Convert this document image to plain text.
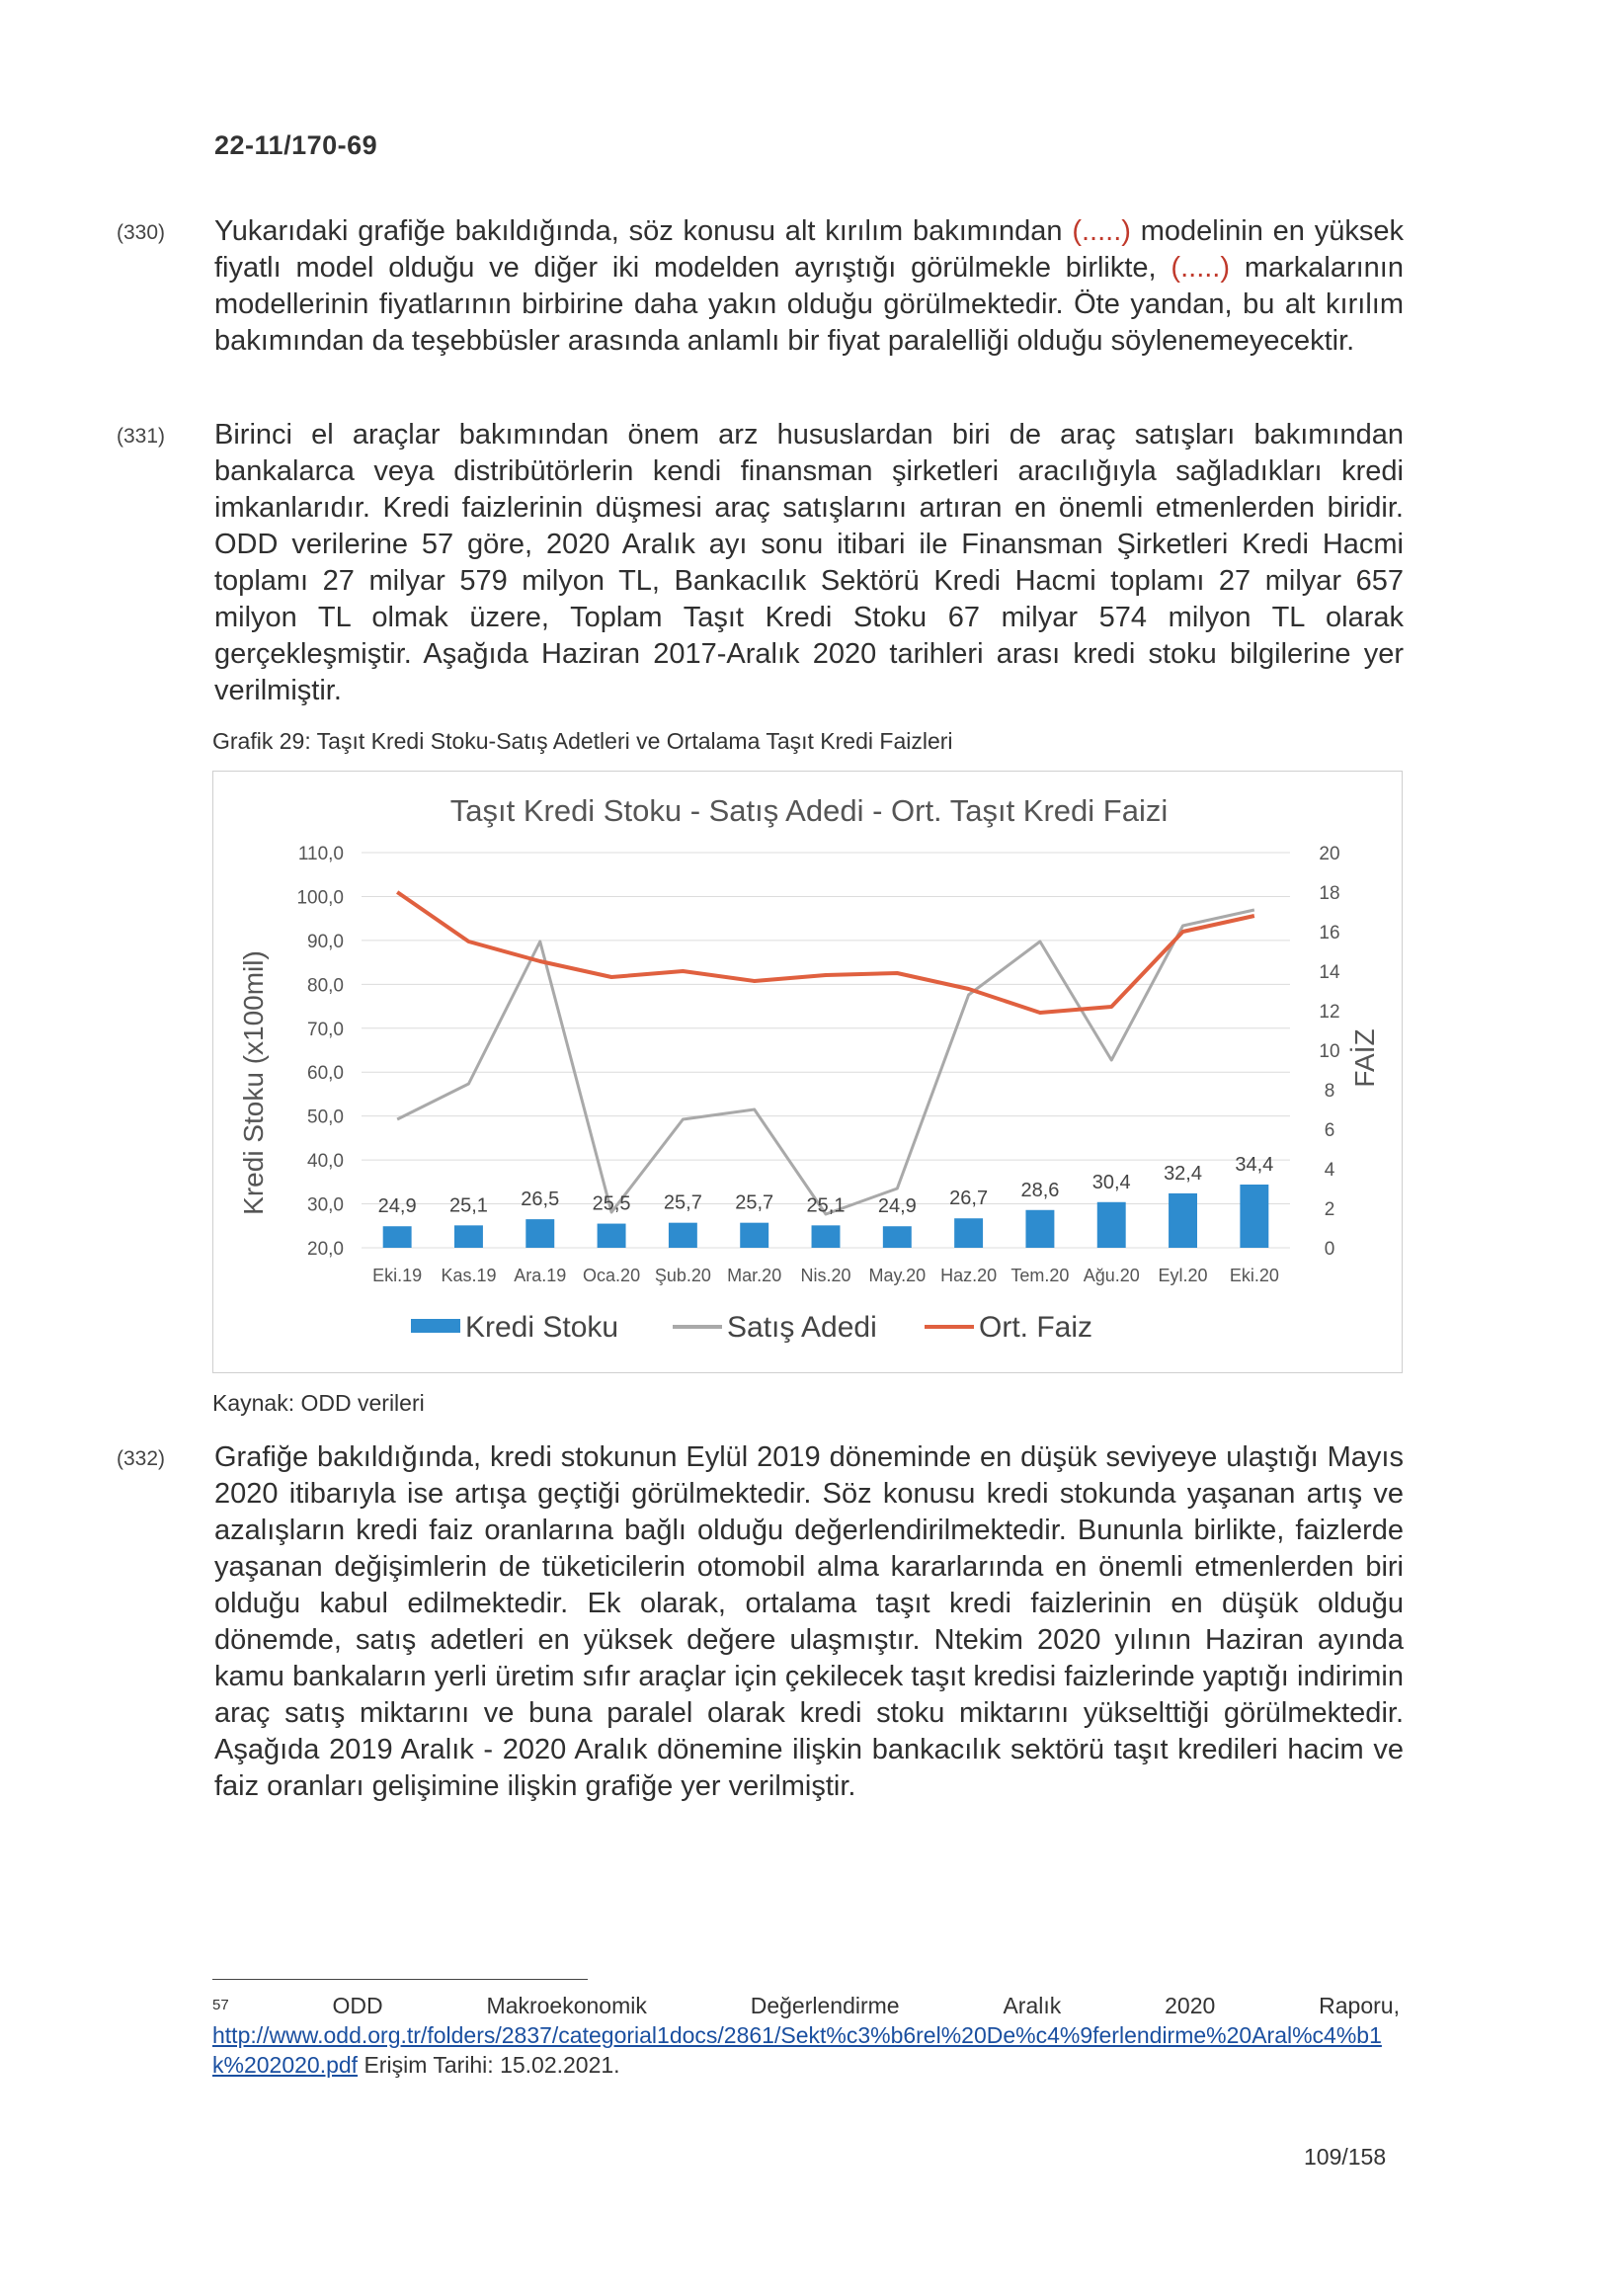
22-11/170-69
(330) Yukarıdaki grafiğe bakıldığında, söz konusu alt kırılım bakımından (.....) modelinin en yüksek fiyatlı model olduğu ve diğer iki modelden ayrıştığı görülmekle birlikte, (.....) markalarının modellerinin fiyatlarının birbirine daha yakın olduğu görülmektedir. Öte yandan, bu alt kırılım bakımından da teşebbüsler arasında anlamlı bir fiyat paralelliği olduğu söylenemeyecektir.
(331) Birinci el araçlar bakımından önem arz hususlardan biri de araç satışları bakımından bankalarca veya distribütörlerin kendi finansman şirketleri aracılığıyla sağladıkları kredi imkanlarıdır. Kredi faizlerinin düşmesi araç satışlarını artıran en önemli etmenlerden biridir. ODD verilerine 57 göre, 2020 Aralık ayı sonu itibari ile Finansman Şirketleri Kredi Hacmi toplamı 27 milyar 579 milyon TL, Bankacılık Sektörü Kredi Hacmi toplamı 27 milyar 657 milyon TL olmak üzere, Toplam Taşıt Kredi Stoku 67 milyar 574 milyon TL olarak gerçekleşmiştir. Aşağıda Haziran 2017-Aralık 2020 tarihleri arası kredi stoku bilgilerine yer verilmiştir.
Grafik 29: Taşıt Kredi Stoku-Satış Adetleri ve Ortalama Taşıt Kredi Faizleri
Taşıt Kredi Stoku - Satış Adedi - Ort. Taşıt Kredi Faizi
Kredi Stoku (x100mil)	FAİZ
20,0
30,0
40,0
50,0
60,0
70,0
80,0
90,0
100,0
110,0
0
2
4
6
8
10
12
14
16
18
20
Eki.19 Kas.19 Ara.19 Oca.20 Şub.20 Mar.20 Nis.20 May.20 Haz.20 Tem.20 Ağu.20 Eyl.20 Eki.20
24,9 25,1 26,5 25,5 25,7 25,7 25,1 24,9 26,7 28,6 30,4 32,4 34,4
Kredi Stoku	Satış Adedi	Ort. Faiz
Kaynak: ODD verileri
(332) Grafiğe bakıldığında, kredi stokunun Eylül 2019 döneminde en düşük seviyeye ulaştığı Mayıs 2020 itibarıyla ise artışa geçtiği görülmektedir. Söz konusu kredi stokunda yaşanan artış ve azalışların kredi faiz oranlarına bağlı olduğu değerlendirilmektedir. Bununla birlikte, faizlerde yaşanan değişimlerin de tüketicilerin otomobil alma kararlarında en önemli etmenlerden biri olduğu kabul edilmektedir. Ek olarak, ortalama taşıt kredi faizlerinin en düşük olduğu dönemde, satış adetleri en yüksek değere ulaşmıştır. Ntekim 2020 yılının Haziran ayında kamu bankaların yerli üretim sıfır araçlar için çekilecek taşıt kredisi faizlerinde yaptığı indirimin araç satış miktarını ve buna paralel olarak kredi stoku miktarını yükselttiği görülmektedir. Aşağıda 2019 Aralık - 2020 Aralık dönemine ilişkin bankacılık sektörü taşıt kredileri hacim ve faiz oranları gelişimine ilişkin grafiğe yer verilmiştir.
$^{57}$	ODD	Makroekonomik	Değerlendirme	Aralık	2020	Raporu,
http://www.odd.org.tr/folders/2837/categorial1docs/2861/Sekt%c3%b6rel%20De%c4%9ferlendirme%20Aral%c4%b1k%202020.pdf Erişim Tarihi: 15.02.2021.
109/158
